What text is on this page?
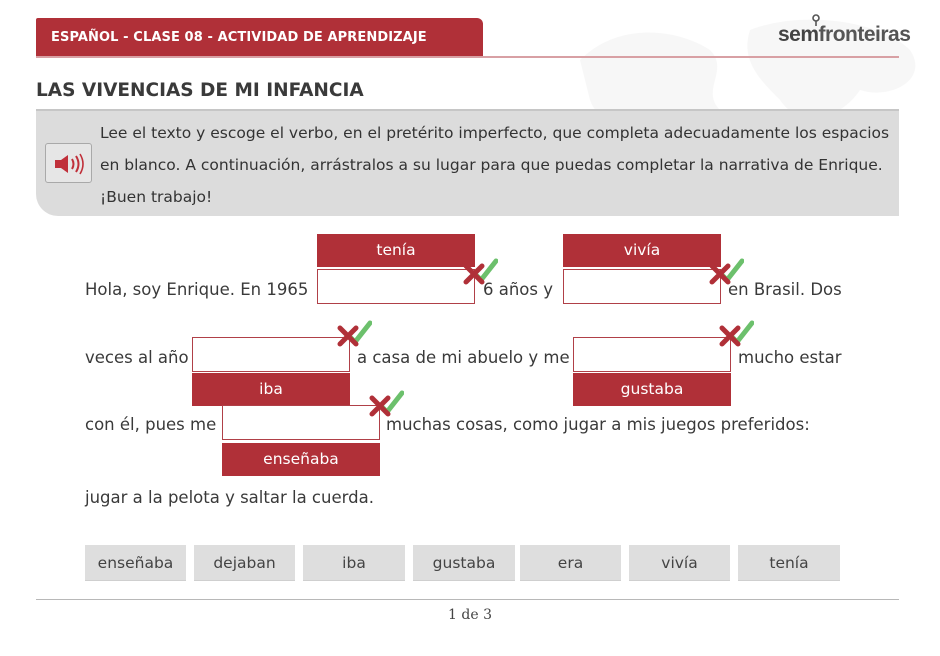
ESPAÑOL - CLASE 08 - ACTIVIDAD DE APRENDIZAJE	semfronteiras
LAS VIVENCIAS DE MI INFANCIA
Lee el texto y escoge el verbo, en el pretérito imperfecto, que completa adecuadamente los espacios en blanco. A continuación, arrástralos a su lugar para que puedas completar la narrativa de Enrique. ¡Buen trabajo!
Hola, soy Enrique. En 1965
tenía
6 años y
vivía
en Brasil. Dos
veces al año
iba
a casa de mi abuelo y me
gustaba
mucho estar
con él, pues me
enseñaba
muchas cosas, como jugar a mis juegos preferidos:
jugar a la pelota y saltar la cuerda.
enseñaba	dejaban	iba	gustaba	era	vivía	tenía
1 de 3
